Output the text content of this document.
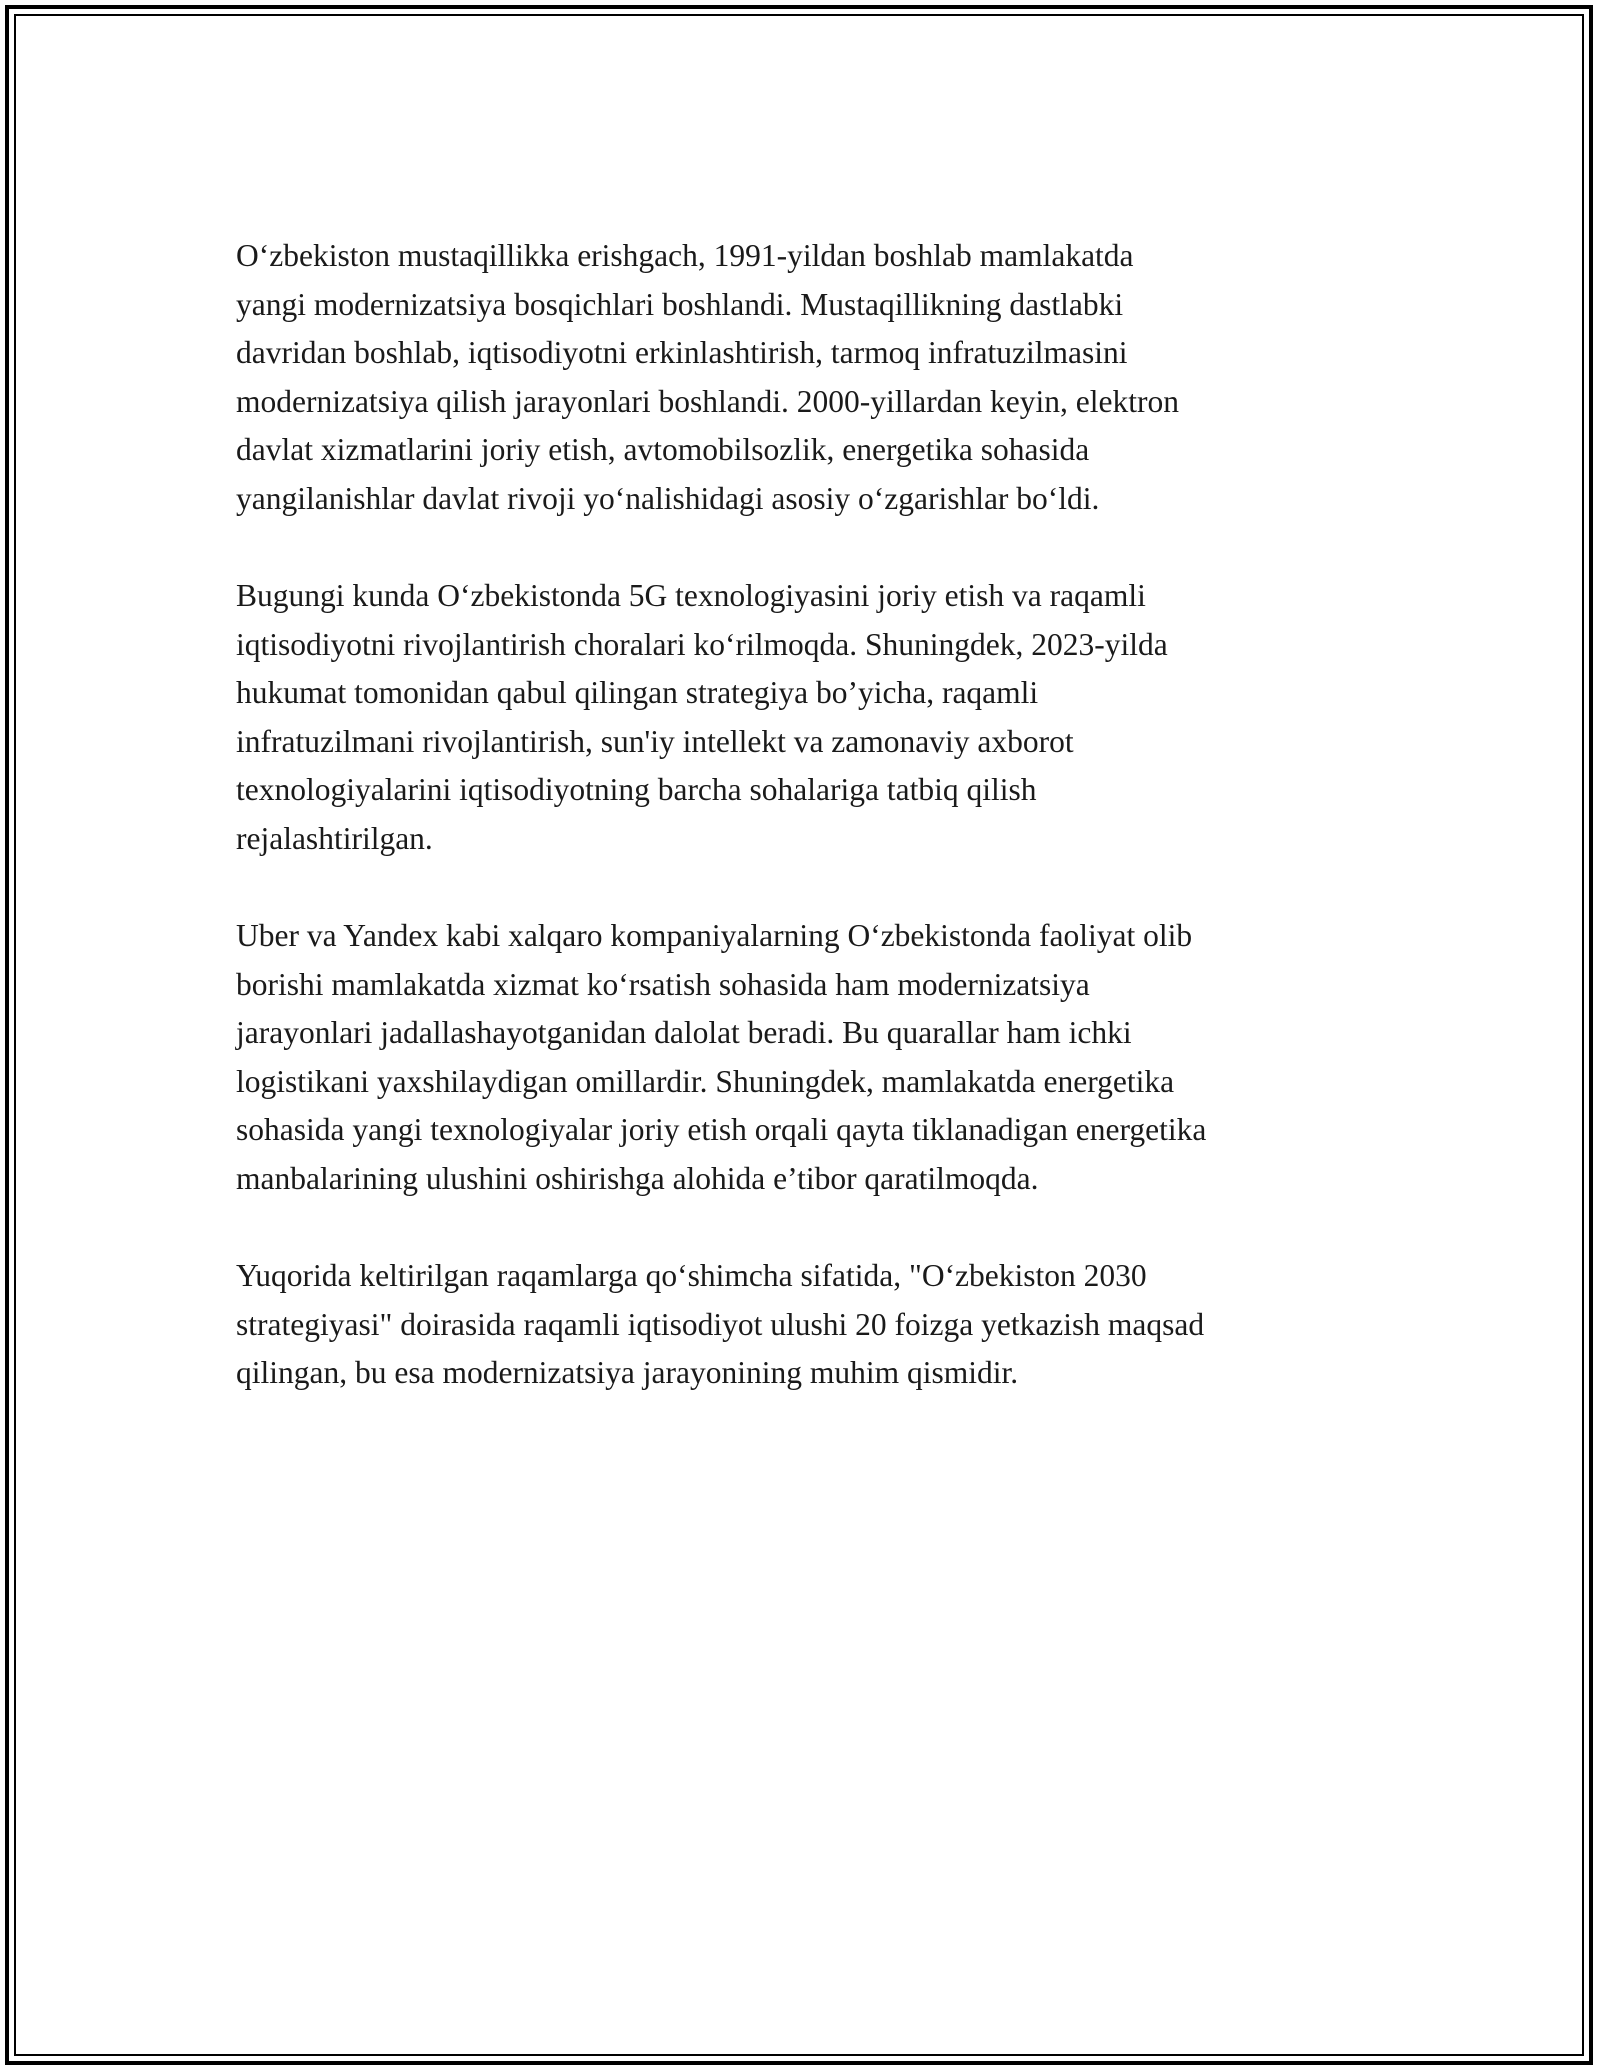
O‘zbekiston mustaqillikka erishgach, 1991-yildan boshlab mamlakatda
yangi modernizatsiya bosqichlari boshlandi. Mustaqillikning dastlabki
davridan boshlab, iqtisodiyotni erkinlashtirish, tarmoq infratuzilmasini
modernizatsiya qilish jarayonlari boshlandi. 2000-yillardan keyin, elektron
davlat xizmatlarini joriy etish, avtomobilsozlik, energetika sohasida
yangilanishlar davlat rivoji yo‘nalishidagi asosiy o‘zgarishlar bo‘ldi.

Bugungi kunda O‘zbekistonda 5G texnologiyasini joriy etish va raqamli
iqtisodiyotni rivojlantirish choralari ko‘rilmoqda. Shuningdek, 2023-yilda
hukumat tomonidan qabul qilingan strategiya bo’yicha, raqamli
infratuzilmani rivojlantirish, sun'iy intellekt va zamonaviy axborot
texnologiyalarini iqtisodiyotning barcha sohalariga tatbiq qilish
rejalashtirilgan.

Uber va Yandex kabi xalqaro kompaniyalarning O‘zbekistonda faoliyat olib
borishi mamlakatda xizmat ko‘rsatish sohasida ham modernizatsiya
jarayonlari jadallashayotganidan dalolat beradi. Bu quarallar ham ichki
logistikani yaxshilaydigan omillardir. Shuningdek, mamlakatda energetika
sohasida yangi texnologiyalar joriy etish orqali qayta tiklanadigan energetika
manbalarining ulushini oshirishga alohida e’tibor qaratilmoqda.

Yuqorida keltirilgan raqamlarga qo‘shimcha sifatida, "O‘zbekiston 2030
strategiyasi" doirasida raqamli iqtisodiyot ulushi 20 foizga yetkazish maqsad
qilingan, bu esa modernizatsiya jarayonining muhim qismidir.
